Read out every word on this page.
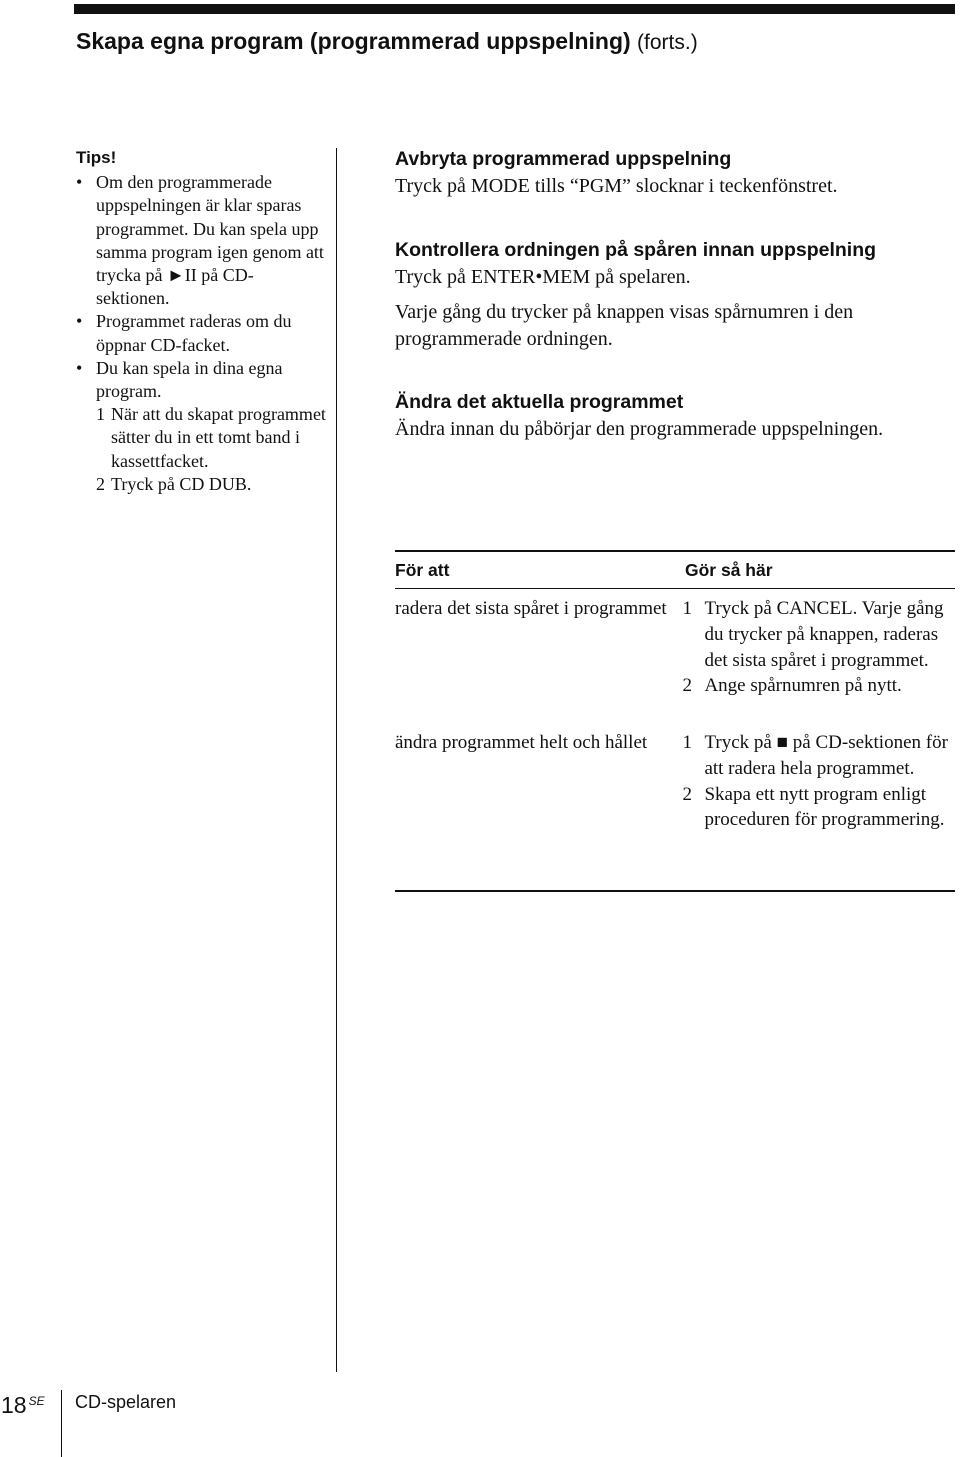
Skapa egna program (programmerad uppspelning) (forts.)
Tips!
• Om den programmerade uppspelningen är klar sparas programmet. Du kan spela upp samma program igen genom att trycka på ►II på CD-sektionen.
• Programmet raderas om du öppnar CD-facket.
• Du kan spela in dina egna program.
1 När att du skapat programmet sätter du in ett tomt band i kassettfacket.
2 Tryck på CD DUB.
Avbryta programmerad uppspelning

Tryck på MODE tills “PGM” slocknar i teckenfönstret.

Kontrollera ordningen på spåren innan uppspelning

Tryck på ENTER•MEM på spelaren.

Varje gång du trycker på knappen visas spårnumren i den programmerade ordningen.

Ändra det aktuella programmet

Ändra innan du påbörjar den programmerade uppspelningen.

För att	Gör så här
radera det sista spåret i programmet 1 Tryck på CANCEL. Varje gång du trycker på knappen, raderas det sista spåret i programmet.
2 Ange spårnumren på nytt.
ändra programmet helt och hållet	1 Tryck på ■ på CD-sektionen för att radera hela programmet.
2 Skapa ett nytt program enligt proceduren för programmering.
18 $^{SE}$ CD-spelaren
